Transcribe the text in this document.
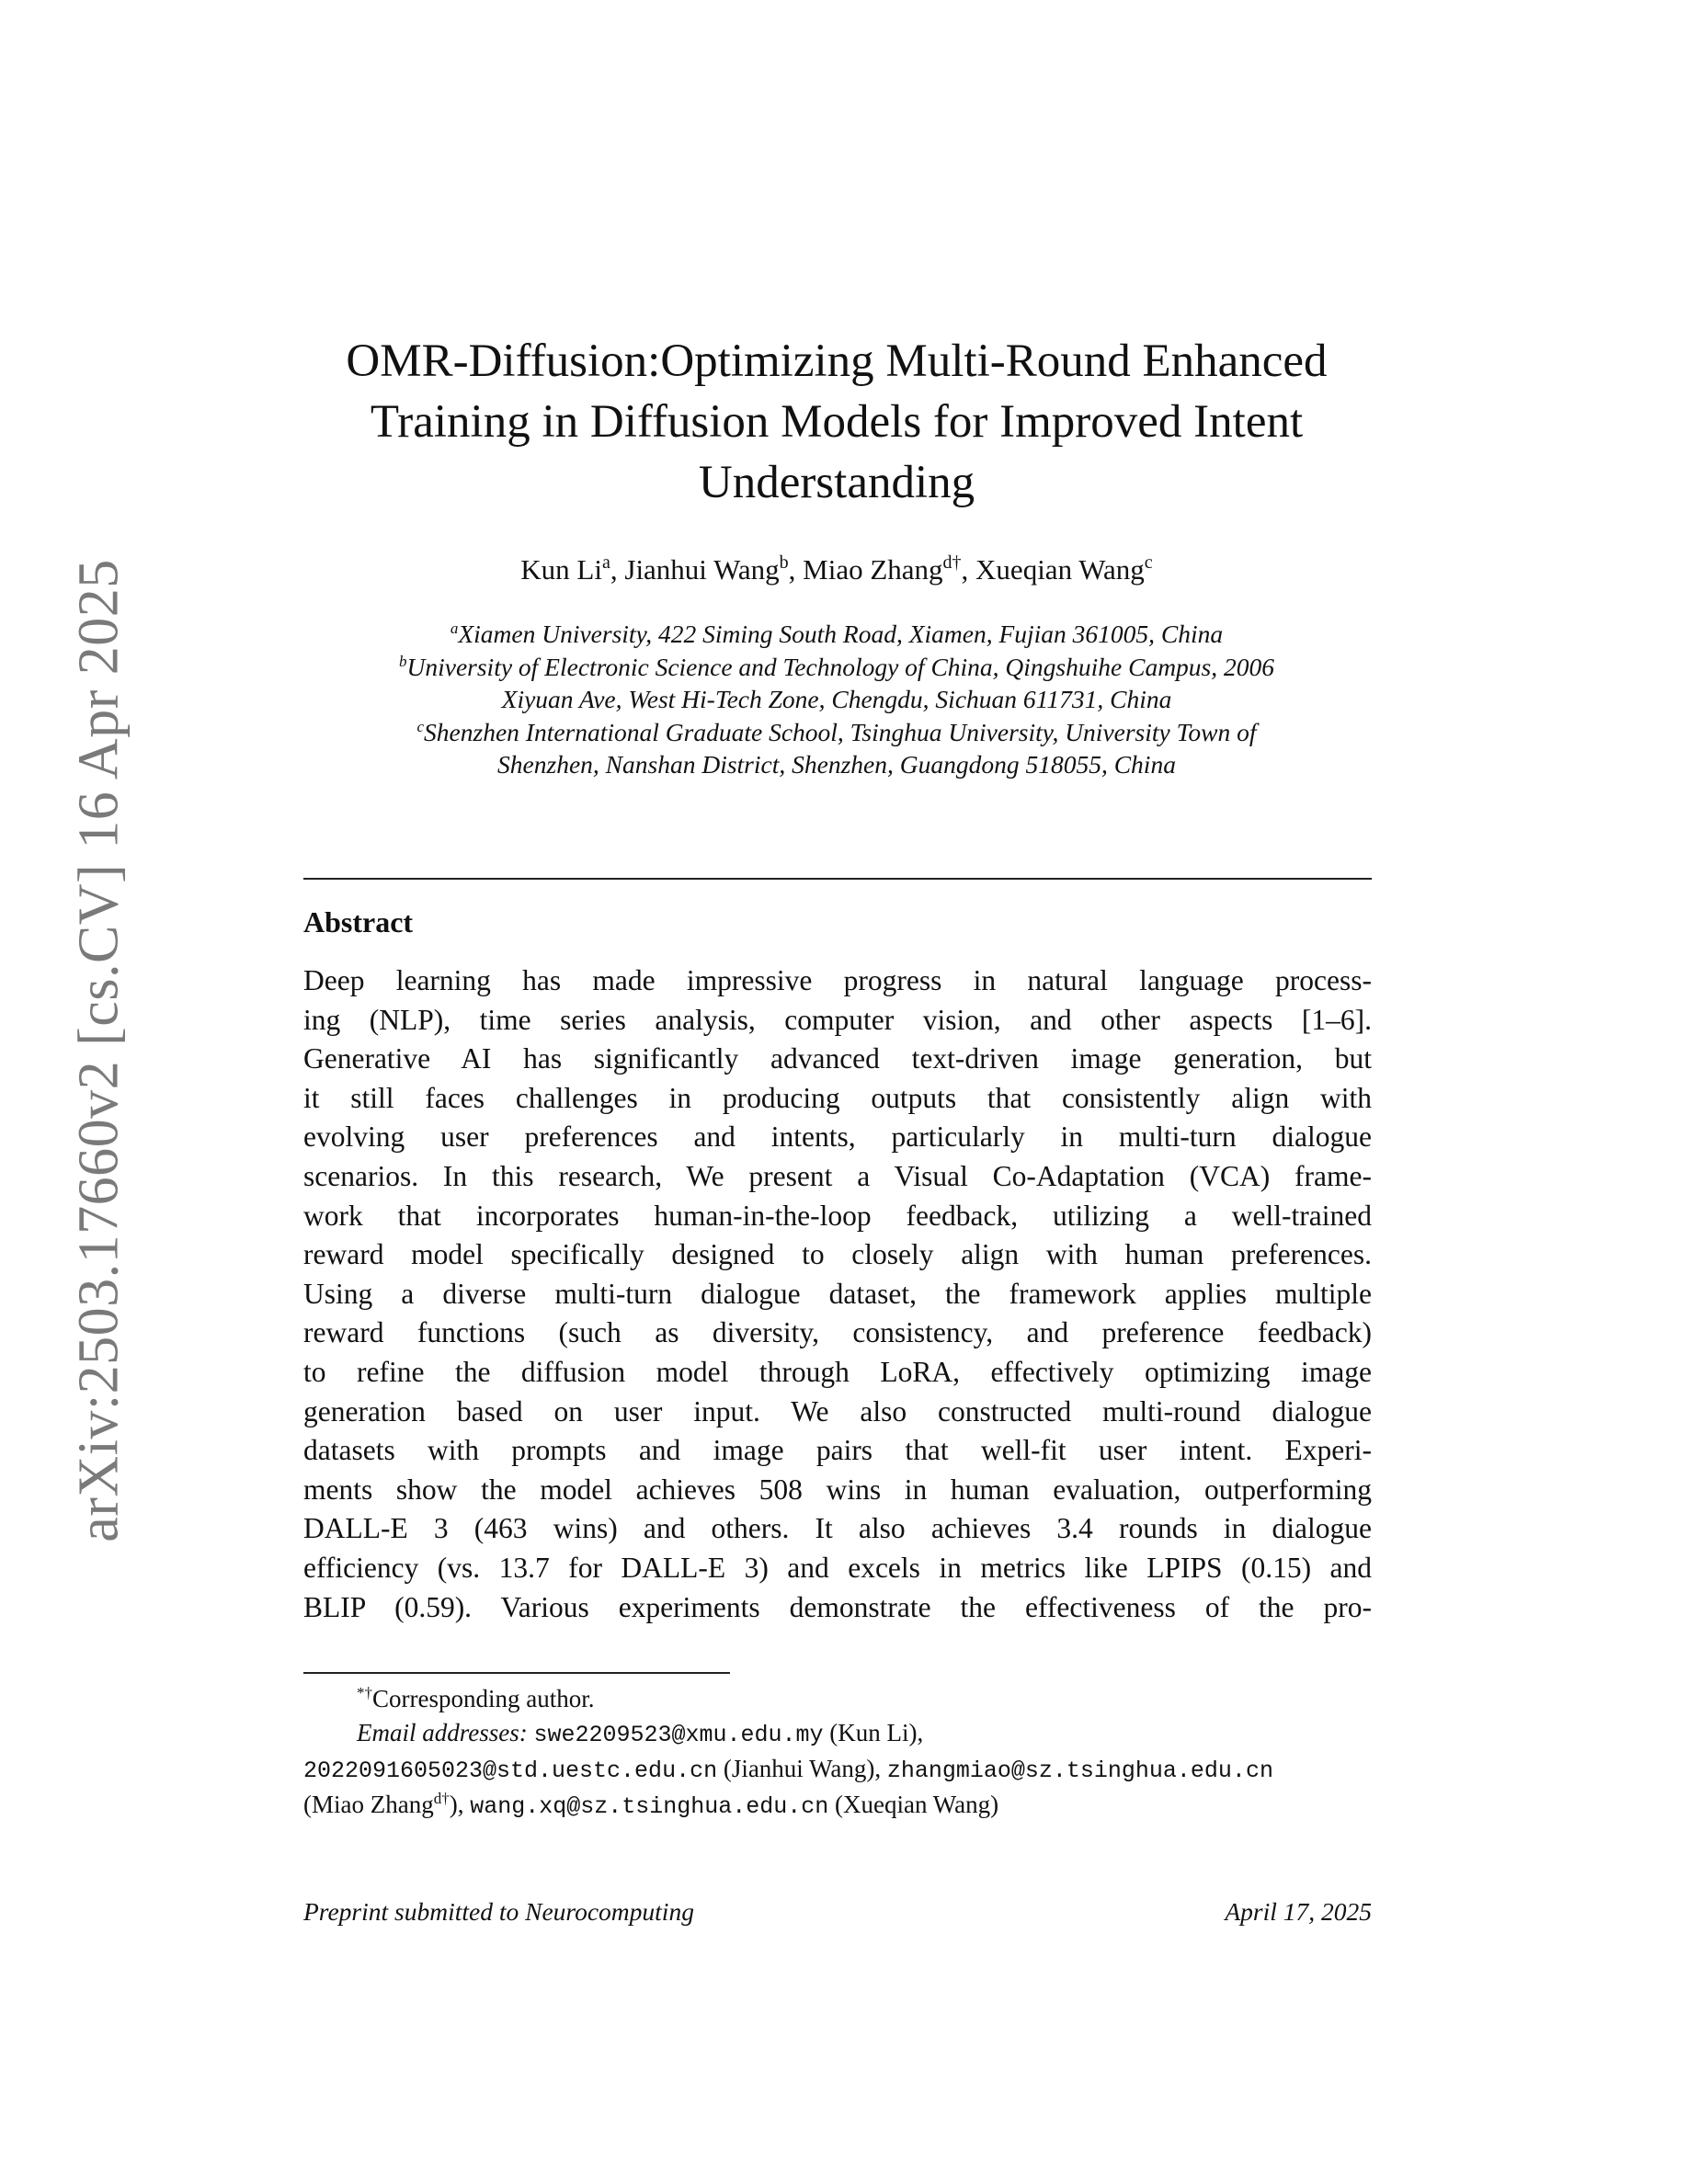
arXiv:2503.17660v2 [cs.CV] 16 Apr 2025
OMR-Diffusion:Optimizing Multi-Round Enhanced
Training in Diffusion Models for Improved Intent
Understanding
Kun Li$^a$, Jianhui Wang$^b$, Miao Zhang$^{d\dagger}$, Xueqian Wang$^c$
$^a$Xiamen University, 422 Siming South Road, Xiamen, Fujian 361005, China
$^b$University of Electronic Science and Technology of China, Qingshuihe Campus, 2006
Xiyuan Ave, West Hi-Tech Zone, Chengdu, Sichuan 611731, China
$^c$Shenzhen International Graduate School, Tsinghua University, University Town of
Shenzhen, Nanshan District, Shenzhen, Guangdong 518055, China
Abstract
Deep learning has made impressive progress in natural language process-
ing (NLP), time series analysis, computer vision, and other aspects [1–6].
Generative AI has significantly advanced text-driven image generation, but
it still faces challenges in producing outputs that consistently align with
evolving user preferences and intents, particularly in multi-turn dialogue
scenarios. In this research, We present a Visual Co-Adaptation (VCA) frame-
work that incorporates human-in-the-loop feedback, utilizing a well-trained
reward model specifically designed to closely align with human preferences.
Using a diverse multi-turn dialogue dataset, the framework applies multiple
reward functions (such as diversity, consistency, and preference feedback)
to refine the diffusion model through LoRA, effectively optimizing image
generation based on user input. We also constructed multi-round dialogue
datasets with prompts and image pairs that well-fit user intent. Experi-
ments show the model achieves 508 wins in human evaluation, outperforming
DALL-E 3 (463 wins) and others. It also achieves 3.4 rounds in dialogue
efficiency (vs. 13.7 for DALL-E 3) and excels in metrics like LPIPS (0.15) and
BLIP (0.59). Various experiments demonstrate the effectiveness of the pro-
*†Corresponding author.
Email addresses: swe2209523@xmu.edu.my (Kun Li),
2022091605023@std.uestc.edu.cn (Jianhui Wang), zhangmiao@sz.tsinghua.edu.cn
(Miao Zhang$^{d\dagger}$), wang.xq@sz.tsinghua.edu.cn (Xueqian Wang)
Preprint submitted to Neurocomputing	April 17, 2025
